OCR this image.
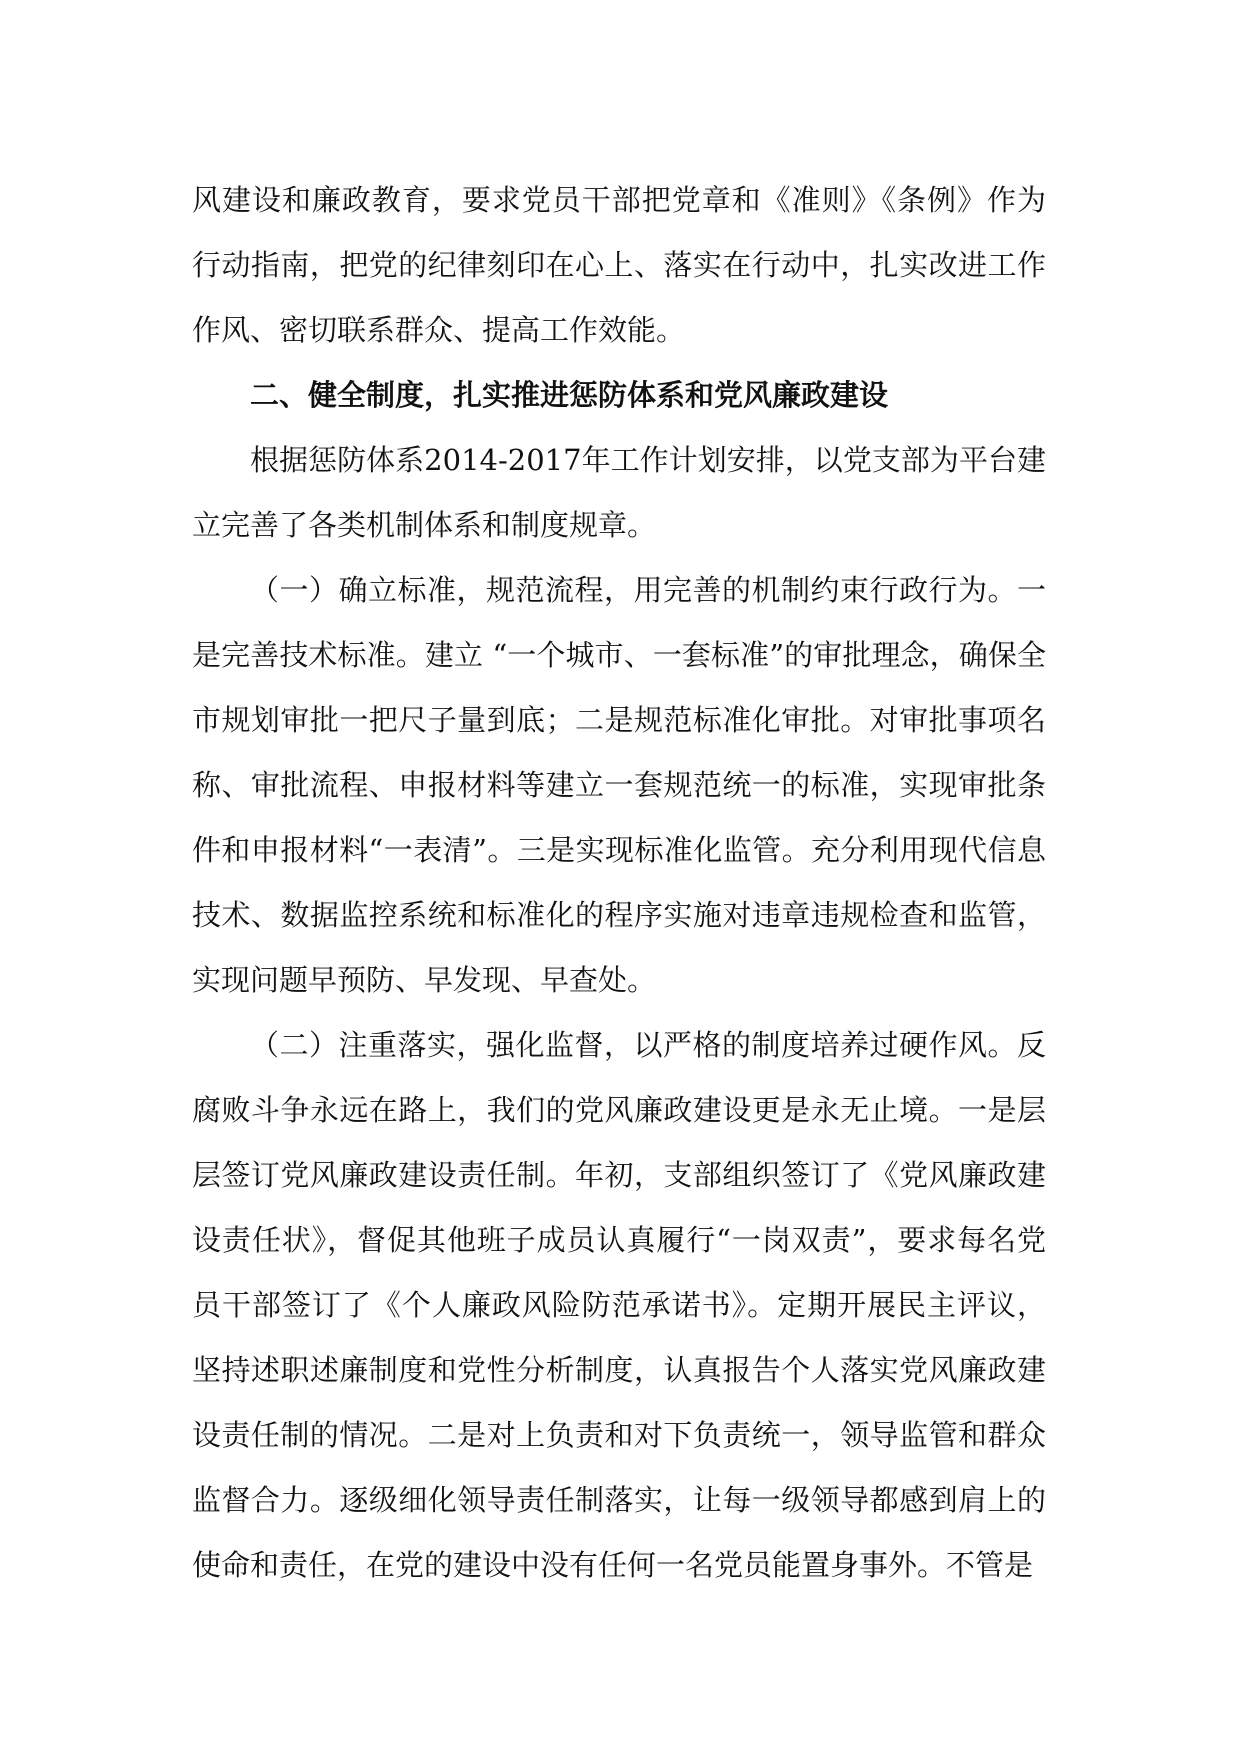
风建设和廉政教育，要求党员干部把党章和《准则》《条例》作为行动指南，把党的纪律刻印在心上、落实在行动中，扎实改进工作作风、密切联系群众、提高工作效能。

二、健全制度，扎实推进惩防体系和党风廉政建设

根据惩防体系2014-2017年工作计划安排，以党支部为平台建立完善了各类机制体系和制度规章。

（一）确立标准，规范流程，用完善的机制约束行政行为。一是完善技术标准。建立 “一个城市、一套标准”的审批理念，确保全市规划审批一把尺子量到底；二是规范标准化审批。对审批事项名称、审批流程、申报材料等建立一套规范统一的标准，实现审批条件和申报材料“一表清”。三是实现标准化监管。充分利用现代信息技术、数据监控系统和标准化的程序实施对违章违规检查和监管，实现问题早预防、早发现、早查处。

（二）注重落实，强化监督，以严格的制度培养过硬作风。反腐败斗争永远在路上，我们的党风廉政建设更是永无止境。一是层层签订党风廉政建设责任制。年初，支部组织签订了《党风廉政建设责任状》，督促其他班子成员认真履行“一岗双责”，要求每名党员干部签订了《个人廉政风险防范承诺书》。定期开展民主评议，坚持述职述廉制度和党性分析制度，认真报告个人落实党风廉政建设责任制的情况。二是对上负责和对下负责统一，领导监管和群众监督合力。逐级细化领导责任制落实，让每一级领导都感到肩上的使命和责任，在党的建设中没有任何一名党员能置身事外。不管是
